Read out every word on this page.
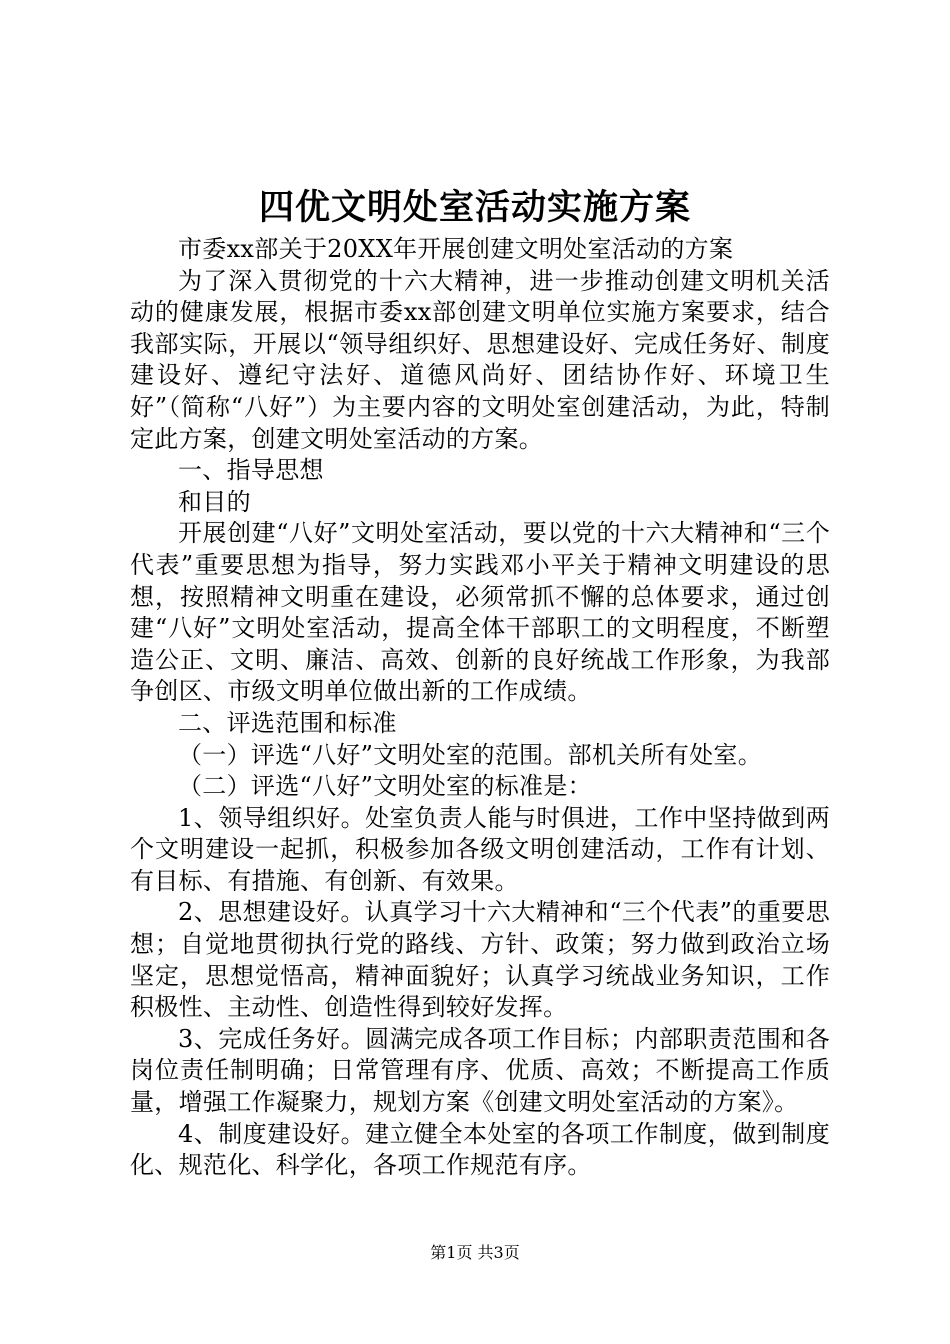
四优文明处室活动实施方案

市委xx部关于20XX年开展创建文明处室活动的方案

为了深入贯彻党的十六大精神，进一步推动创建文明机关活动的健康发展，根据市委xx部创建文明单位实施方案要求，结合我部实际，开展以“领导组织好、思想建设好、完成任务好、制度建设好、遵纪守法好、道德风尚好、团结协作好、环境卫生好”（简称“八好”）为主要内容的文明处室创建活动，为此，特制定此方案，创建文明处室活动的方案。

一、指导思想

和目的

开展创建“八好”文明处室活动，要以党的十六大精神和“三个代表”重要思想为指导，努力实践邓小平关于精神文明建设的思想，按照精神文明重在建设，必须常抓不懈的总体要求，通过创建“八好”文明处室活动，提高全体干部职工的文明程度，不断塑造公正、文明、廉洁、高效、创新的良好统战工作形象，为我部争创区、市级文明单位做出新的工作成绩。

二、评选范围和标准

（一）评选“八好”文明处室的范围。部机关所有处室。

（二）评选“八好”文明处室的标准是：

1、领导组织好。处室负责人能与时俱进，工作中坚持做到两个文明建设一起抓，积极参加各级文明创建活动，工作有计划、有目标、有措施、有创新、有效果。

2、思想建设好。认真学习十六大精神和“三个代表”的重要思想；自觉地贯彻执行党的路线、方针、政策；努力做到政治立场坚定，思想觉悟高，精神面貌好；认真学习统战业务知识，工作积极性、主动性、创造性得到较好发挥。

3、完成任务好。圆满完成各项工作目标；内部职责范围和各岗位责任制明确；日常管理有序、优质、高效；不断提高工作质量，增强工作凝聚力，规划方案《创建文明处室活动的方案》。

4、制度建设好。建立健全本处室的各项工作制度，做到制度化、规范化、科学化，各项工作规范有序。

第1页 共3页
